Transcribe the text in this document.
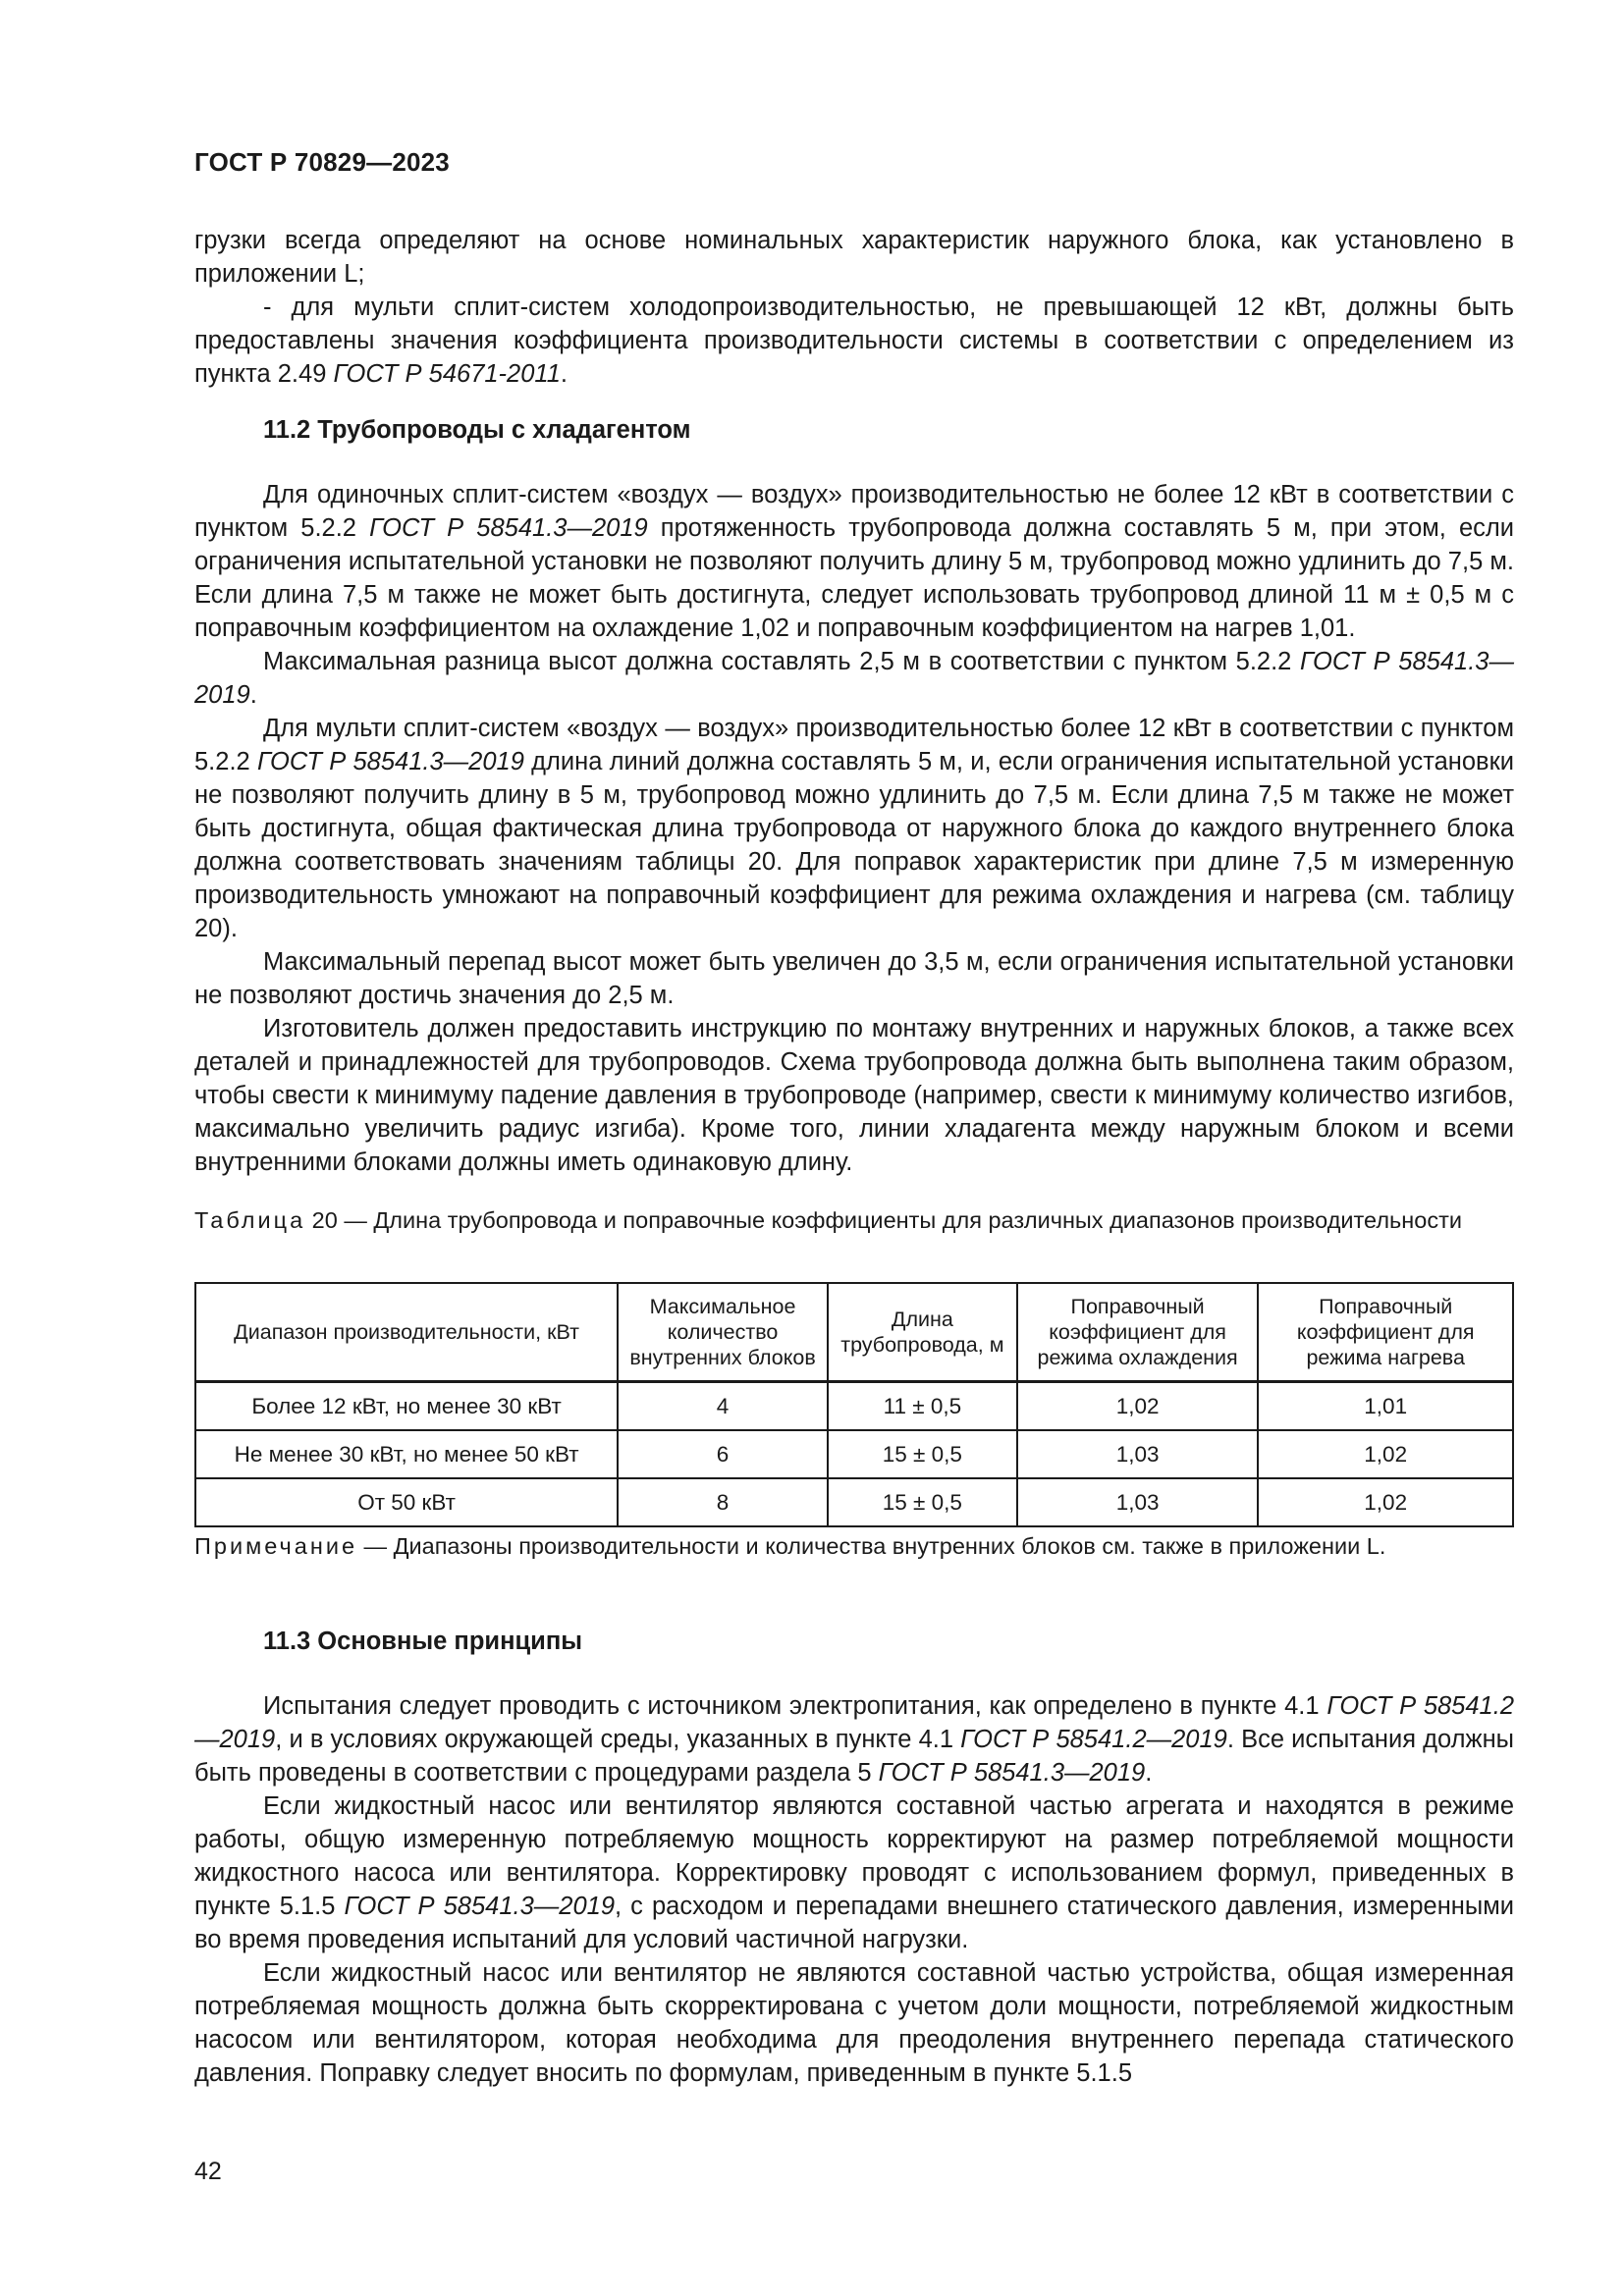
ГОСТ Р 70829—2023

грузки всегда определяют на основе номинальных характеристик наружного блока, как установлено в приложении L;

- для мульти сплит-систем холодопроизводительностью, не превышающей 12 кВт, должны быть предоставлены значения коэффициента производительности системы в соответствии с определением из пункта 2.49 ГОСТ Р 54671-2011.

11.2 Трубопроводы с хладагентом

Для одиночных сплит-систем «воздух — воздух» производительностью не более 12 кВт в соответствии с пунктом 5.2.2 ГОСТ Р 58541.3—2019 протяженность трубопровода должна составлять 5 м, при этом, если ограничения испытательной установки не позволяют получить длину 5 м, трубопровод можно удлинить до 7,5 м. Если длина 7,5 м также не может быть достигнута, следует использовать трубопровод длиной 11 м ± 0,5 м с поправочным коэффициентом на охлаждение 1,02 и поправочным коэффициентом на нагрев 1,01.

Максимальная разница высот должна составлять 2,5 м в соответствии с пунктом 5.2.2 ГОСТ Р 58541.3—2019.

Для мульти сплит-систем «воздух — воздух» производительностью более 12 кВт в соответствии с пунктом 5.2.2 ГОСТ Р 58541.3—2019 длина линий должна составлять 5 м, и, если ограничения испытательной установки не позволяют получить длину в 5 м, трубопровод можно удлинить до 7,5 м. Если длина 7,5 м также не может быть достигнута, общая фактическая длина трубопровода от наружного блока до каждого внутреннего блока должна соответствовать значениям таблицы 20. Для поправок характеристик при длине 7,5 м измеренную производительность умножают на поправочный коэффициент для режима охлаждения и нагрева (см. таблицу 20).

Максимальный перепад высот может быть увеличен до 3,5 м, если ограничения испытательной установки не позволяют достичь значения до 2,5 м.

Изготовитель должен предоставить инструкцию по монтажу внутренних и наружных блоков, а также всех деталей и принадлежностей для трубопроводов. Схема трубопровода должна быть выполнена таким образом, чтобы свести к минимуму падение давления в трубопроводе (например, свести к минимуму количество изгибов, максимально увеличить радиус изгиба). Кроме того, линии хладагента между наружным блоком и всеми внутренними блоками должны иметь одинаковую длину.

Таблица 20 — Длина трубопровода и поправочные коэффициенты для различных диапазонов производительности
Диапазон производительности, кВт	Максимальное количество внутренних блоков	Длина трубопровода, м	Поправочный коэффициент для режима охлаждения	Поправочный коэффициент для режима нагрева
Более 12 кВт, но менее 30 кВт	4	11 ± 0,5	1,02	1,01
Не менее 30 кВт, но менее 50 кВт	6	15 ± 0,5	1,03	1,02
От 50 кВт	8	15 ± 0,5	1,03	1,02
Примечание — Диапазоны производительности и количества внутренних блоков см. также в приложении L.

11.3 Основные принципы

Испытания следует проводить с источником электропитания, как определено в пункте 4.1 ГОСТ Р 58541.2—2019, и в условиях окружающей среды, указанных в пункте 4.1 ГОСТ Р 58541.2—2019. Все испытания должны быть проведены в соответствии с процедурами раздела 5 ГОСТ Р 58541.3—2019.

Если жидкостный насос или вентилятор являются составной частью агрегата и находятся в режиме работы, общую измеренную потребляемую мощность корректируют на размер потребляемой мощности жидкостного насоса или вентилятора. Корректировку проводят с использованием формул, приведенных в пункте 5.1.5 ГОСТ Р 58541.3—2019, с расходом и перепадами внешнего статического давления, измеренными во время проведения испытаний для условий частичной нагрузки.

Если жидкостный насос или вентилятор не являются составной частью устройства, общая измеренная потребляемая мощность должна быть скорректирована с учетом доли мощности, потребляемой жидкостным насосом или вентилятором, которая необходима для преодоления внутреннего перепада статического давления. Поправку следует вносить по формулам, приведенным в пункте 5.1.5

42
